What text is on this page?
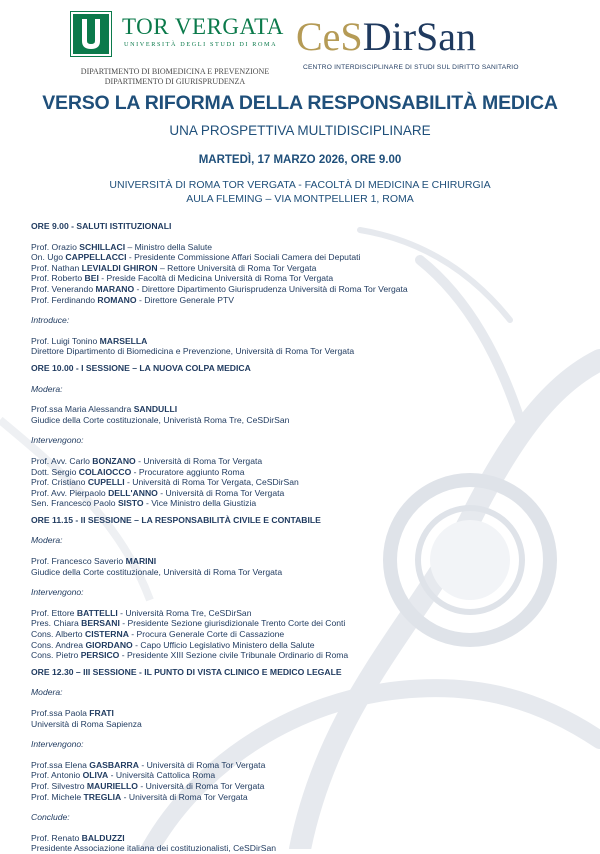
TOR VERGATA
UNIVERSITÀ DEGLI STUDI DI ROMA
DIPARTIMENTO DI BIOMEDICINA E PREVENZIONE
DIPARTIMENTO DI GIURISPRUDENZA
CeSDirSan
CENTRO INTERDISCIPLINARE DI STUDI SUL DIRITTO SANITARIO
VERSO LA RIFORMA DELLA RESPONSABILITÀ MEDICA
UNA PROSPETTIVA MULTIDISCIPLINARE
MARTEDÌ, 17 MARZO 2026, ORE 9.00
UNIVERSITÀ DI ROMA TOR VERGATA - FACOLTÀ DI MEDICINA E CHIRURGIA
AULA FLEMING – VIA MONTPELLIER 1, ROMA

ORE 9.00 - SALUTI ISTITUZIONALI

Prof. Orazio SCHILLACI – Ministro della Salute

On. Ugo CAPPELLACCI - Presidente Commissione Affari Sociali Camera dei Deputati

Prof. Nathan LEVIALDI GHIRON – Rettore Università di Roma Tor Vergata

Prof. Roberto BEI - Preside Facoltà di Medicina Università di Roma Tor Vergata

Prof. Venerando MARANO - Direttore Dipartimento Giurisprudenza Università di Roma Tor Vergata

Prof. Ferdinando ROMANO - Direttore Generale PTV

Introduce:

Prof. Luigi Tonino MARSELLA

Direttore Dipartimento di Biomedicina e Prevenzione, Università di Roma Tor Vergata

ORE 10.00 - I SESSIONE – LA NUOVA COLPA MEDICA

Modera:

Prof.ssa Maria Alessandra SANDULLI

Giudice della Corte costituzionale, Univeristà Roma Tre, CeSDirSan

Intervengono:

Prof. Avv. Carlo BONZANO - Università di Roma Tor Vergata

Dott. Sergio COLAIOCCO - Procuratore aggiunto Roma

Prof. Cristiano CUPELLI - Università di Roma Tor Vergata, CeSDirSan

Prof. Avv. Pierpaolo DELL'ANNO - Università di Roma Tor Vergata

Sen. Francesco Paolo SISTO - Vice Ministro della Giustizia

ORE 11.15 - II SESSIONE – LA RESPONSABILITÀ CIVILE E CONTABILE

Modera:

Prof. Francesco Saverio MARINI

Giudice della Corte costituzionale, Università di Roma Tor Vergata

Intervengono:

Prof. Ettore BATTELLI - Università Roma Tre, CeSDirSan

Pres. Chiara BERSANI - Presidente Sezione giurisdizionale Trento Corte dei Conti

Cons. Alberto CISTERNA - Procura Generale Corte di Cassazione

Cons. Andrea GIORDANO - Capo Ufficio Legislativo Ministero della Salute

Cons. Pietro PERSICO - Presidente XIII Sezione civile Tribunale Ordinario di Roma

ORE 12.30 – III SESSIONE - IL PUNTO DI VISTA CLINICO E MEDICO LEGALE

Modera:

Prof.ssa Paola FRATI

Università di Roma Sapienza

Intervengono:

Prof.ssa Elena GASBARRA - Università di Roma Tor Vergata

Prof. Antonio OLIVA - Università Cattolica Roma

Prof. Silvestro MAURIELLO - Università di Roma Tor Vergata

Prof. Michele TREGLIA - Università di Roma Tor Vergata

Conclude:

Prof. Renato BALDUZZI

Presidente Associazione italiana dei costituzionalisti, CeSDirSan
